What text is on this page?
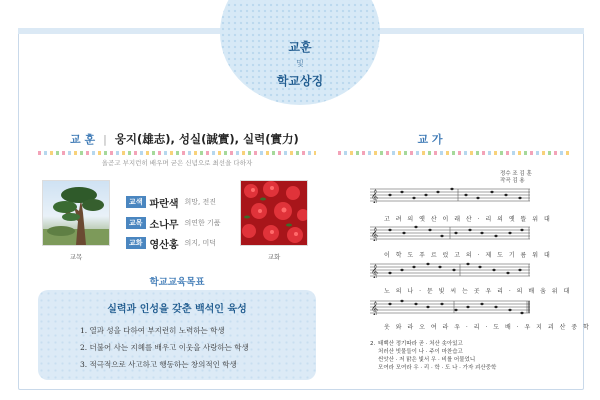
교훈
및
학교상징
교 훈 | 웅지(雄志), 성실(誠實), 실력(實力)	교 가
올곧고 부지런히 배우며 굳은 신념으로 최선을 다하자
교목	교화
교색 파란색 희망, 전진
교목 소나무 의연한 기품
교화 영산홍 의지, 미덕
학교교육목표
실력과 인성을 갖춘 백석인 육성
1. 열과 성을 다하여 부지런히 노력하는 학생
2. 더불어 사는 지혜를 배우고 이웃을 사랑하는 학생
3. 적극적으로 사고하고 행동하는 창의적인 학생
정수 조 김 훈
작곡 김 용
𝄞
고 려 의 옛 산 이 래 산 · 리 의 옛 뜰 위 대
𝄞
이 학 도 푸 르 렀 고 의 · 제 도 기 름 워 대
𝄞
노 의 나 · 문 빛 씨 는 곳 우 리 · 의 배 움 위 대
𝄞
웃 와 라 오 여 라 우 · 리 · 도 배 · 우 지 괴 산 중 학
2. 태백산 정기따라 곧 · 처산 솟아있고
처러산 빗물들이 나 · 주이 마찬습고
씬앗산 · 저 맑은 빛서 우 · 비를 어물었니
모여라 모여라 우 · 리 · 학 · 도 나 · 가자 괴산중학
